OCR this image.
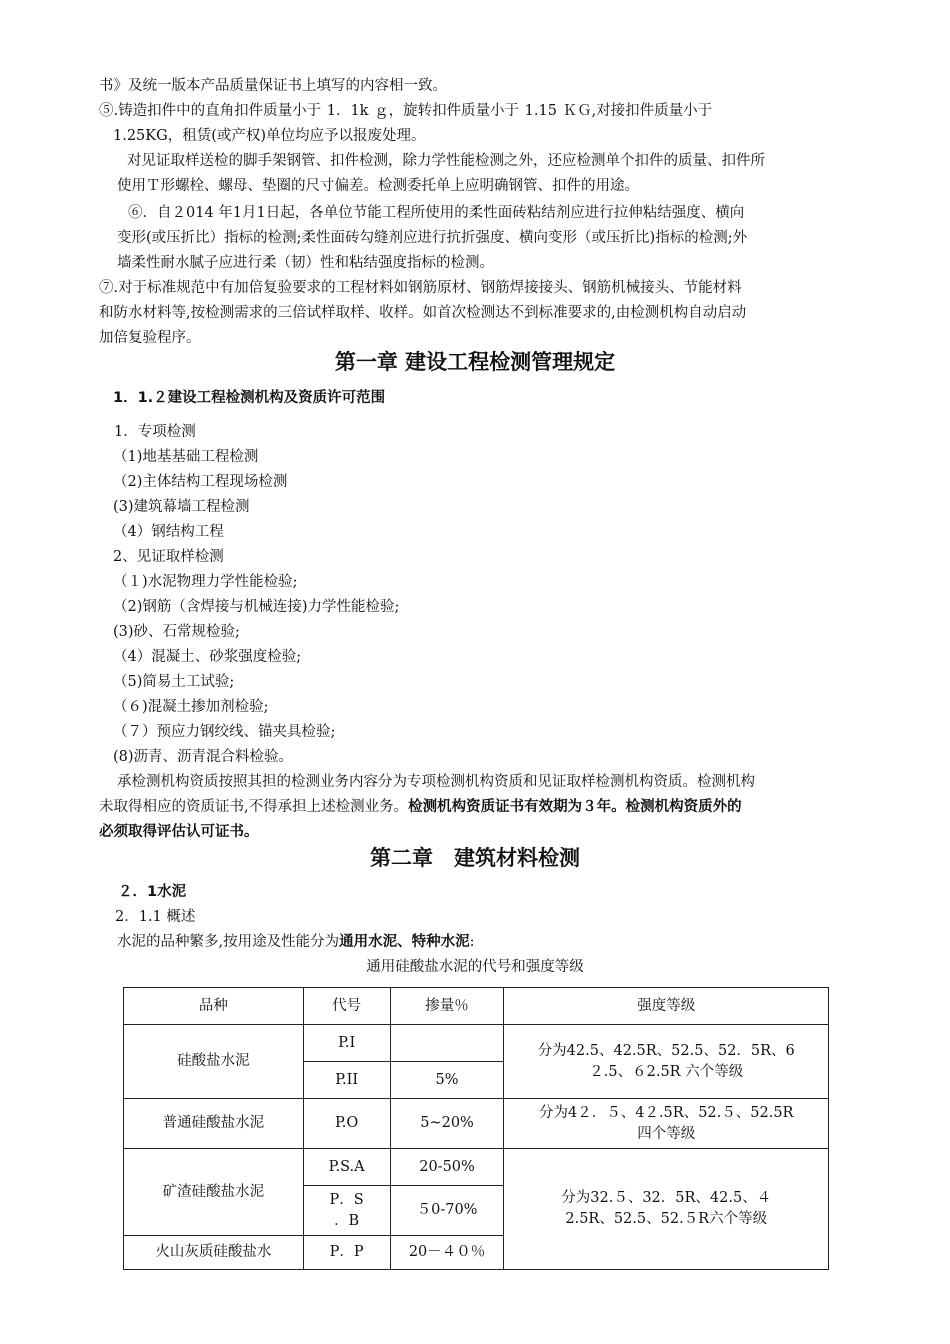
书》及统一版本产品质量保证书上填写的内容相一致。
⑤.铸造扣件中的直角扣件质量小于 1．1k ｇ，旋转扣件质量小于 1.15 ＫＧ,对接扣件质量小于
1.25KG，租赁(或产权)单位均应予以报废处理。
对见证取样送检的脚手架钢管、扣件检测，除力学性能检测之外，还应检测单个扣件的质量、扣件所
使用Ｔ形螺栓、螺母、垫圈的尺寸偏差。检测委托单上应明确钢管、扣件的用途。
⑥．自２014 年1月1日起，各单位节能工程所使用的柔性面砖粘结剂应进行拉伸粘结强度、横向
变形(或压折比）指标的检测;柔性面砖勾缝剂应进行抗折强度、横向变形（或压折比)指标的检测;外
墙柔性耐水腻子应进行柔（韧）性和粘结强度指标的检测。
⑦.对于标准规范中有加倍复验要求的工程材料如钢筋原材、钢筋焊接接头、钢筋机械接头、节能材料
和防水材料等,按检测需求的三倍试样取样、收样。如首次检测达不到标准要求的,由检测机构自动启动
加倍复验程序。
第一章 建设工程检测管理规定
1．1.２建设工程检测机构及资质许可范围
1．专项检测
（1)地基基础工程检测
（2)主体结构工程现场检测
(3)建筑幕墙工程检测
（4）钢结构工程
2、见证取样检测
（１)水泥物理力学性能检验;
（2)钢筋（含焊接与机械连接)力学性能检验;
(3)砂、石常规检验;
（4）混凝土、砂浆强度检验;
（5)简易土工试验;
（６)混凝土掺加剂检验;
（７）预应力钢绞线、锚夹具检验;
(8)沥青、沥青混合料检验。
承检测机构资质按照其担的检测业务内容分为专项检测机构资质和见证取样检测机构资质。检测机构
未取得相应的资质证书,不得承担上述检测业务。检测机构资质证书有效期为３年。检测机构资质外的
必须取得评估认可证书。
第二章　建筑材料检测
２．1水泥
2．1.1 概述
水泥的品种繁多,按用途及性能分为通用水泥、特种水泥:
通用硅酸盐水泥的代号和强度等级
品种	代号	掺量％	强度等级
硅酸盐水泥	P.I		分为42.5、42.5R、52.5、52．5R、6
２.5、６2.5R 六个等级

	P.II	5%	
普通硅酸盐水泥	P.O	5~20%	分为4２．５、4２.5R、52.５、52.5R
四个等级

矿渣硅酸盐水泥	P.S.A	20-50%	分为32.５、32．5R、42.5、４
2.5R、52.5、52.５R六个等级

	P．S
．B	５0-70%	
火山灰质硅酸盐水	P．P	20－４０％	
